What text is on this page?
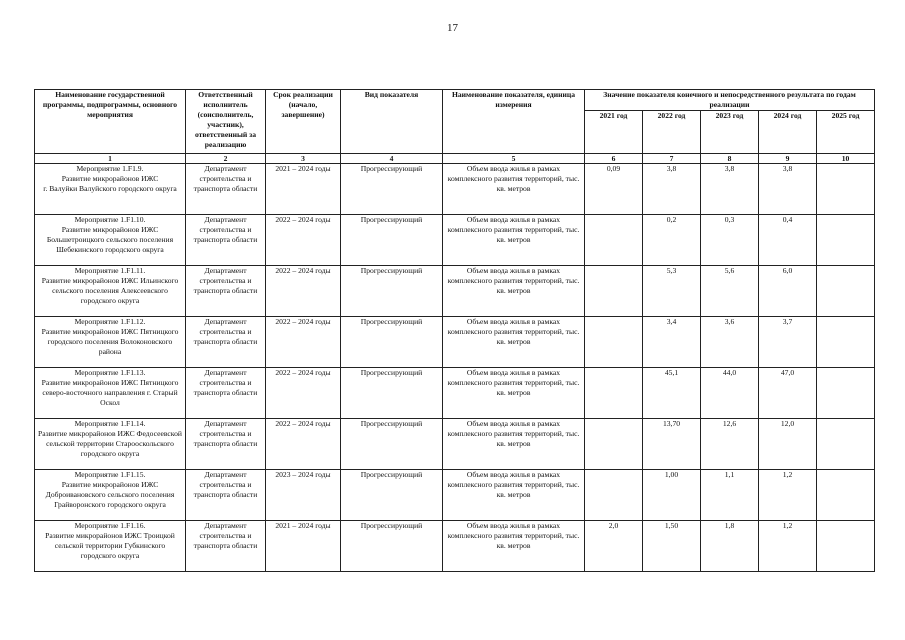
17
Наименование государственной программы, подпрограммы, основного мероприятия	Ответственный исполнитель (соисполнитель, участник), ответственный за реализацию	Срок реализации (начало, завершение)	Вид показателя	Наименование показателя, единица измерения	Значение показателя конечного и непосредственного результата по годам реализации				
					2021 год	2022 год	2023 год	2024 год	2025 год
1	2	3	4	5	6	7	8	9	10
Мероприятие 1.F1.9.
Развитие микрорайонов ИЖС
г. Валуйки Валуйского городского округа	Департамент строительства и транспорта области	2021 – 2024 годы	Прогрессирующий	Объем ввода жилья в рамках комплексного развития территорий, тыс. кв. метров	0,09	3,8	3,8	3,8	
Мероприятие 1.F1.10.
Развитие микрорайонов ИЖС Большетроицкого сельского поселения Шебекинского городского округа	Департамент строительства и транспорта области	2022 – 2024 годы	Прогрессирующий	Объем ввода жилья в рамках комплексного развития территорий, тыс. кв. метров		0,2	0,3	0,4	
Мероприятие 1.F1.11.
Развитие микрорайонов ИЖС Ильинского сельского поселения Алексеевского городского округа	Департамент строительства и транспорта области	2022 – 2024 годы	Прогрессирующий	Объем ввода жилья в рамках комплексного развития территорий, тыс. кв. метров		5,3	5,6	6,0	
Мероприятие 1.F1.12.
Развитие микрорайонов ИЖС Пятницкого городского поселения Волоконовского района	Департамент строительства и транспорта области	2022 – 2024 годы	Прогрессирующий	Объем ввода жилья в рамках комплексного развития территорий, тыс. кв. метров		3,4	3,6	3,7	
Мероприятие 1.F1.13.
Развитие микрорайонов ИЖС Пятницкого северо-восточного направления г. Старый Оскол	Департамент строительства и транспорта области	2022 – 2024 годы	Прогрессирующий	Объем ввода жилья в рамках комплексного развития территорий, тыс. кв. метров		45,1	44,0	47,0	
Мероприятие 1.F1.14.
Развитие микрорайонов ИЖС Федосеевской сельской территории Старооскольского городского округа	Департамент строительства и транспорта области	2022 – 2024 годы	Прогрессирующий	Объем ввода жилья в рамках комплексного развития территорий, тыс. кв. метров		13,70	12,6	12,0	
Мероприятие 1.F1.15.
Развитие микрорайонов ИЖС Доброивановского сельского поселения Грайворонского городского округа	Департамент строительства и транспорта области	2023 – 2024 годы	Прогрессирующий	Объем ввода жилья в рамках комплексного развития территорий, тыс. кв. метров		1,00	1,1	1,2	
Мероприятие 1.F1.16.
Развитие микрорайонов ИЖС Троицкой сельской территории Губкинского городского округа	Департамент строительства и транспорта области	2021 – 2024 годы	Прогрессирующий	Объем ввода жилья в рамках комплексного развития территорий, тыс. кв. метров	2,0	1,50	1,8	1,2	
